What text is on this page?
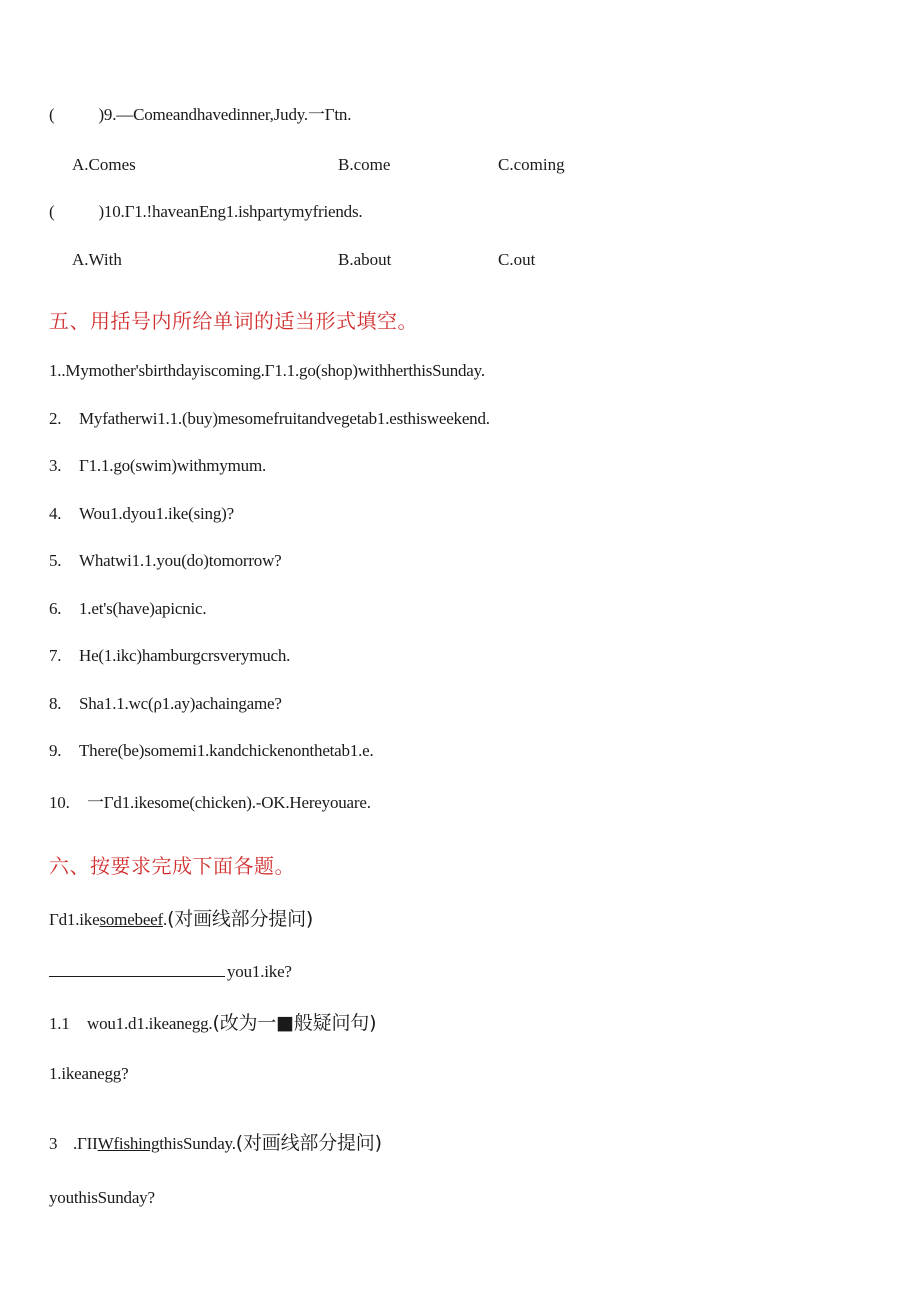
(	)9.—Comeandhavedinner,Judy.一Γtn.
A.Comes	B.come	C.coming
(	)10.Γ1.!haveanEng1.ishpartymyfriends.
A.With	B.about	C.out
五、用括号内所给单词的适当形式填空。
1..Mymother'sbirthdayiscoming.Γ1.1.go(shop)withherthisSunday.
2. Myfatherwi1.1.(buy)mesomefruitandvegetab1.esthisweekend.
3. Γ1.1.go(swim)withmymum.
4. Wou1.dyou1.ike(sing)?
5. Whatwi1.1.you(do)tomorrow?
6. 1.et's(have)apicnic.
7. He(1.ikc)hamburgcrsverymuch.
8. Sha1.1.wc(ρ1.ay)achaingame?
9. There(be)somemi1.kandchickenonthetab1.e.
10. 一Γd1.ikesome(chicken).-OK.Hereyouare.
六、按要求完成下面各题。
Γd1.ikesomebeef.(对画线部分提问)
you1.ike?
1.1 wou1.d1.ikeanegg.(改为一■般疑问句)
1.ikeanegg?
3 .ΓIIWfishingthisSunday.(对画线部分提问)
youthisSunday?
